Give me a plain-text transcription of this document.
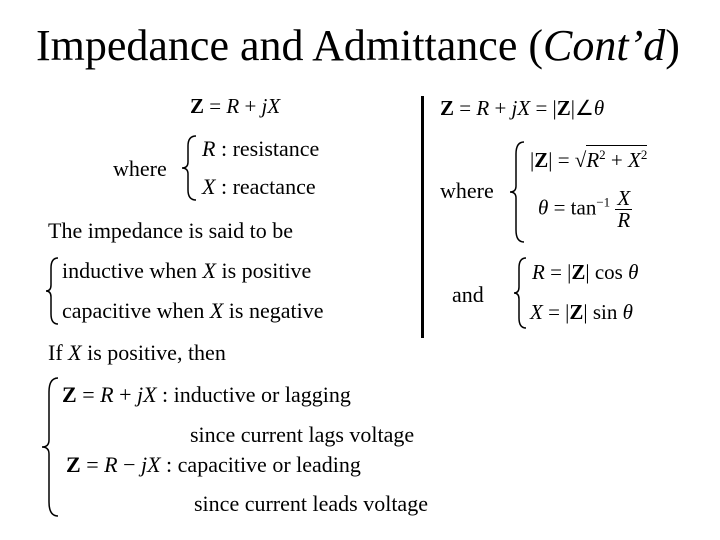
Impedance and Admittance (Cont’d)
Z = R + jX
where
R : resistance
X : reactance
The impedance is said to be
inductive when X is positive
capacitive when X is negative
If X is positive, then
Z = R + jX : inductive or lagging
since current lags voltage
Z = R − jX : capacitive or leading
since current leads voltage
Z = R + jX = |Z|∠θ
where
$|Z| = √R^2 + X^2$
$\theta = \tan^{-1} \frac{X}{R}$
and
R = |Z| cos θ
X = |Z| sin θ
